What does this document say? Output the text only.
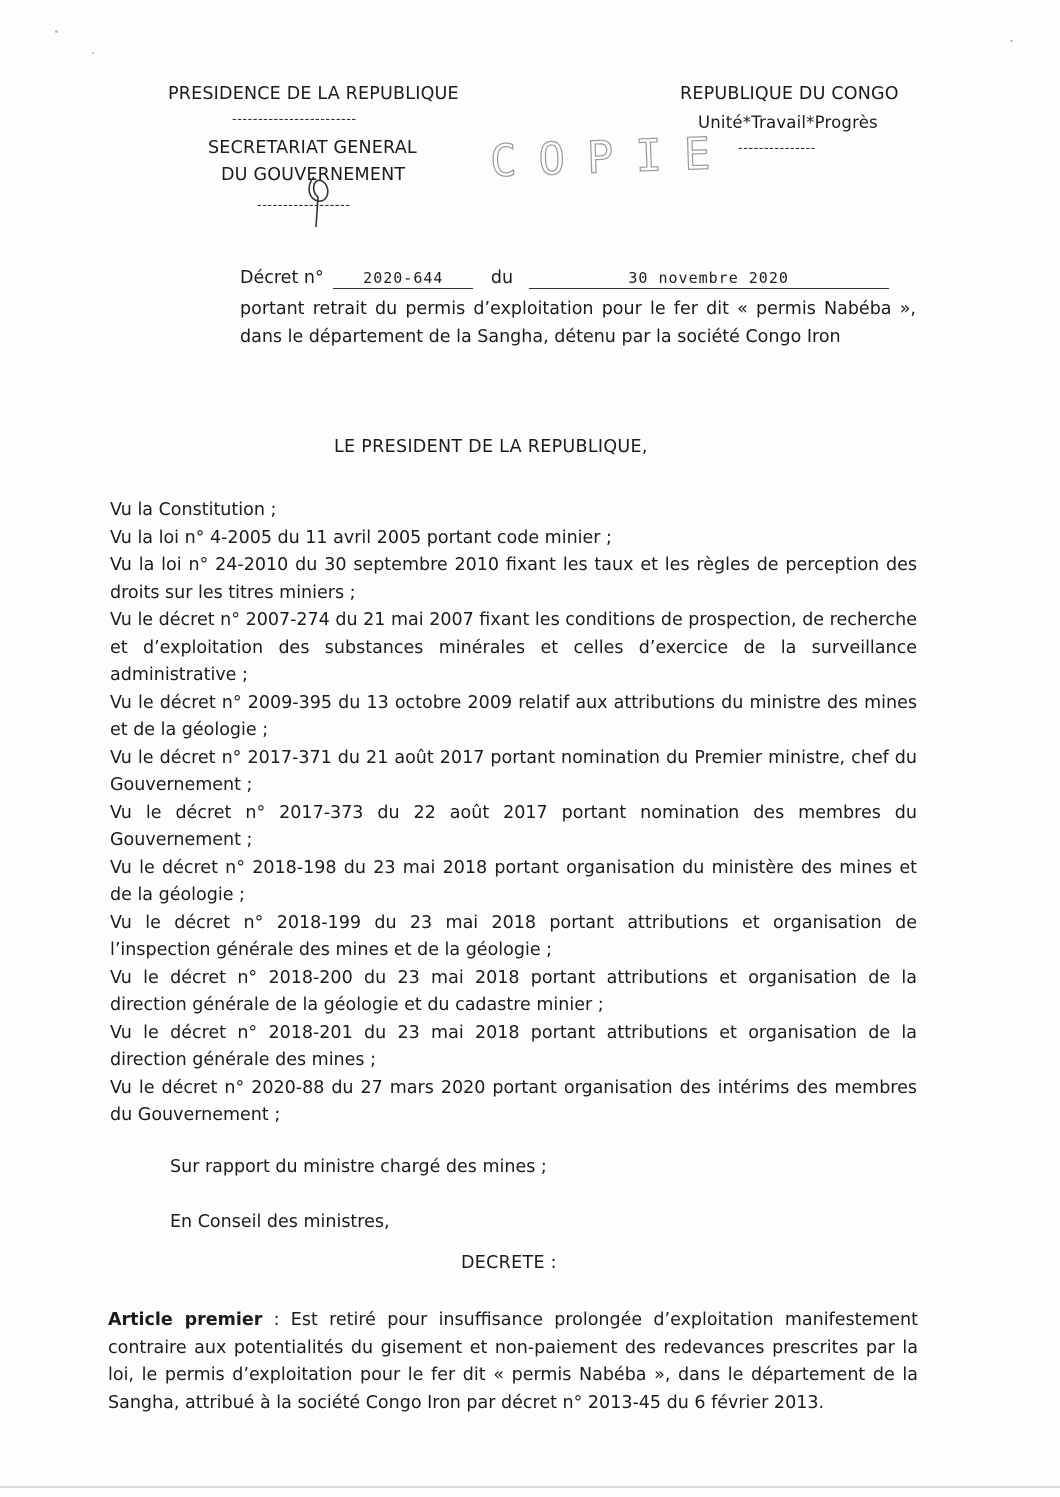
PRESIDENCE DE LA REPUBLIQUE
------------------------
SECRETARIAT GENERAL
DU GOUVERNEMENT
------------------
COPIE
REPUBLIQUE DU CONGO
Unité*Travail*Progrès
---------------
Décret n°	2020-644	du	30 novembre 2020
portant retrait du permis d’exploitation pour le fer dit « permis Nabéba », dans le département de la Sangha, détenu par la société Congo Iron
LE PRESIDENT DE LA REPUBLIQUE,

Vu la Constitution ;

Vu la loi n° 4-2005 du 11 avril 2005 portant code minier ;

Vu la loi n° 24-2010 du 30 septembre 2010 fixant les taux et les règles de perception des droits sur les titres miniers ;

Vu le décret n° 2007-274 du 21 mai 2007 fixant les conditions de prospection, de recherche et d’exploitation des substances minérales et celles d’exercice de la surveillance administrative ;

Vu le décret n° 2009-395 du 13 octobre 2009 relatif aux attributions du ministre des mines et de la géologie ;

Vu le décret n° 2017-371 du 21 août 2017 portant nomination du Premier ministre, chef du Gouvernement ;

Vu le décret n° 2017-373 du 22 août 2017 portant nomination des membres du Gouvernement ;

Vu le décret n° 2018-198 du 23 mai 2018 portant organisation du ministère des mines et de la géologie ;

Vu le décret n° 2018-199 du 23 mai 2018 portant attributions et organisation de l’inspection générale des mines et de la géologie ;

Vu le décret n° 2018-200 du 23 mai 2018 portant attributions et organisation de la direction générale de la géologie et du cadastre minier ;

Vu le décret n° 2018-201 du 23 mai 2018 portant attributions et organisation de la direction générale des mines ;

Vu le décret n° 2020-88 du 27 mars 2020 portant organisation des intérims des membres du Gouvernement ;

Sur rapport du ministre chargé des mines ;
En Conseil des ministres,
DECRETE :

Article premier : Est retiré pour insuffisance prolongée d’exploitation manifestement contraire aux potentialités du gisement et non-paiement des redevances prescrites par la loi, le permis d’exploitation pour le fer dit « permis Nabéba », dans le département de la Sangha, attribué à la société Congo Iron par décret n° 2013-45 du 6 février 2013.
